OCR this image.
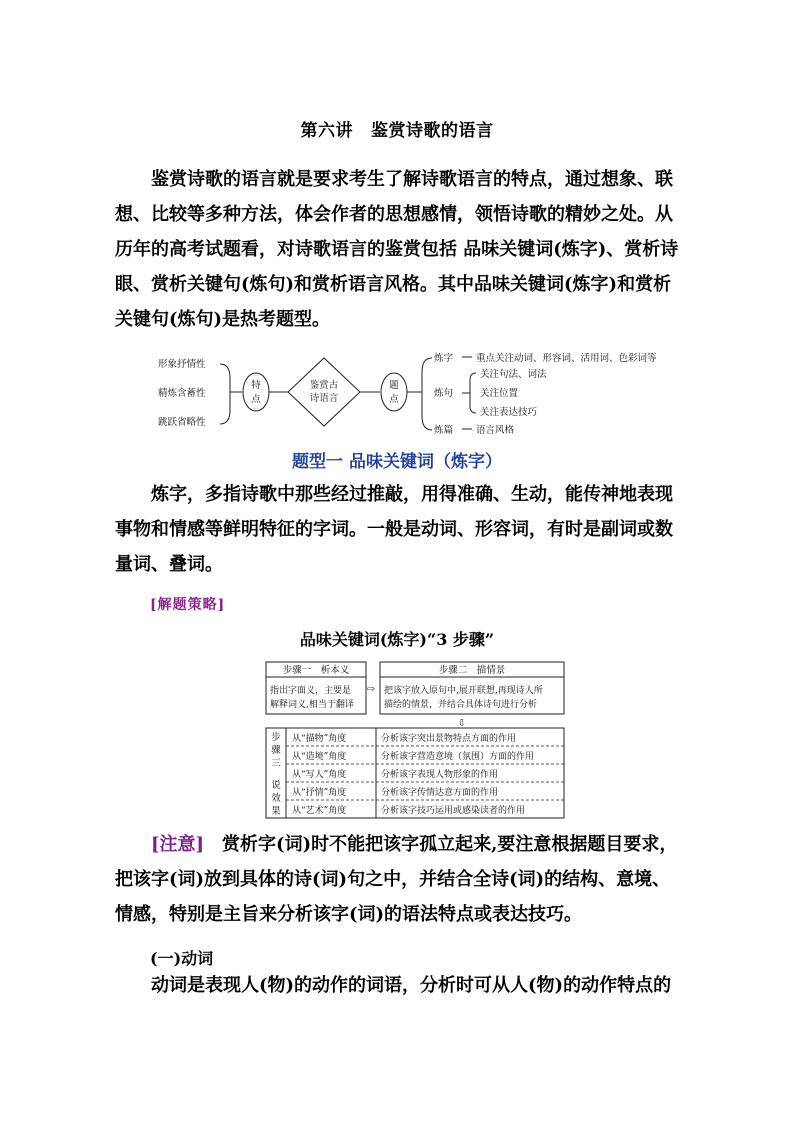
第六讲 鉴赏诗歌的语言
鉴赏诗歌的语言就是要求考生了解诗歌语言的特点，通过想象、联想、比较等多种方法，体会作者的思想感情，领悟诗歌的精妙之处。从历年的高考试题看，对诗歌语言的鉴赏包括 品味关键词(炼字)、赏析诗眼、赏析关键句(炼句)和赏析语言风格。其中品味关键词(炼字)和赏析关键句(炼句)是热考题型。
形象抒情性
精炼含蓄性
跳跃省略性
特
点
鉴赏古
诗语言
题
点
炼字 重点关注动词、形容词、活用词、色彩词等
炼句
关注句法、词法
关注位置
关注表达技巧
炼篇 语言风格
题型一 品味关键词（炼字）
炼字，多指诗歌中那些经过推敲，用得准确、生动，能传神地表现事物和情感等鲜明特征的字词。一般是动词、形容词，有时是副词或数量词、叠词。
[解题策略]
品味关键词(炼字)“3 步骤”
步骤一　析本义
指出字面义，主要是
解释词义,相当于翻译
⇨
步骤二　描情景
把该字放入原句中,展开联想,再现诗人所
描绘的情景，并结合具体诗句进行分析
⇩
步
骤
三
说
效
果
从“描物”角度	分析该字突出景物特点方面的作用
从“造境”角度	分析该字营造意境（氛围）方面的作用
从“写人”角度	分析该字表现人物形象的作用
从“抒情”角度	分析该字传情达意方面的作用
从“艺术”角度	分析该字技巧运用或感染读者的作用
[注意]　 赏析字(词)时不能把该字孤立起来,要注意根据题目要求，把该字(词)放到具体的诗(词)句之中，并结合全诗(词)的结构、意境、情感，特别是主旨来分析该字(词)的语法特点或表达技巧。
(一)动词
动词是表现人(物)的动作的词语，分析时可从人(物)的动作特点的
